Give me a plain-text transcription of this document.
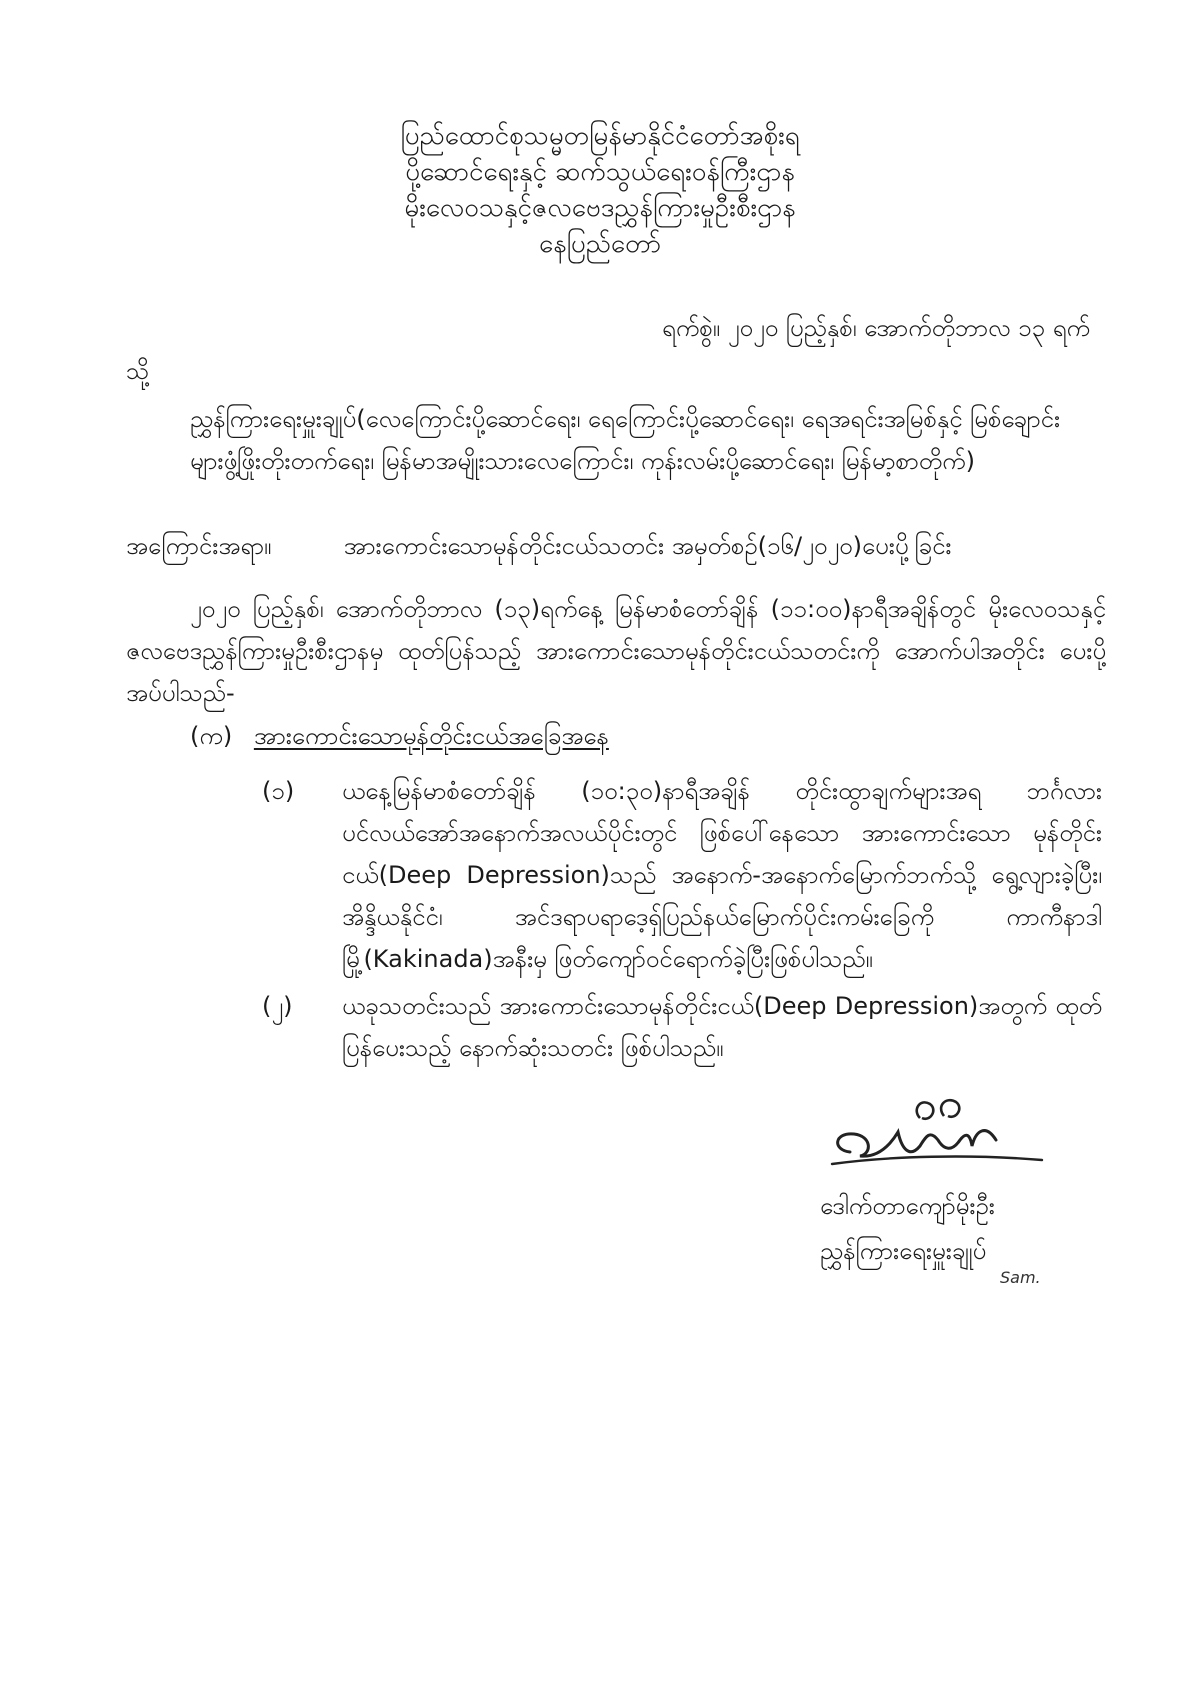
ပြည်ထောင်စုသမ္မတမြန်မာနိုင်ငံတော်အစိုးရ
ပို့ဆောင်ရေးနှင့် ဆက်သွယ်ရေးဝန်ကြီးဌာန
မိုးလေဝသနှင့်ဇလဗေဒညွှန်ကြားမှုဦးစီးဌာန
နေပြည်တော်
ရက်စွဲ။ ၂၀၂၀ ပြည့်နှစ်၊ အောက်တိုဘာလ ၁၃ ရက်
သို့
ညွှန်ကြားရေးမှူးချုပ်(လေကြောင်းပို့ဆောင်ရေး၊ ရေကြောင်းပို့ဆောင်ရေး၊ ရေအရင်းအမြစ်နှင့် မြစ်ချောင်းများဖွံ့ဖြိုးတိုးတက်ရေး၊ မြန်မာအမျိုးသားလေကြောင်း၊ ကုန်းလမ်းပို့ဆောင်ရေး၊ မြန်မာ့စာတိုက်)
အကြောင်းအရာ။	အားကောင်းသောမုန်တိုင်းငယ်သတင်း အမှတ်စဉ်(၁၆/၂၀၂၀)ပေးပို့ခြင်း
၂၀၂၀ ပြည့်နှစ်၊ အောက်တိုဘာလ (၁၃)ရက်နေ့ မြန်မာစံတော်ချိန် (၁၁:၀၀)နာရီအချိန်တွင် မိုးလေဝသနှင့် ဇလဗေဒညွှန်ကြားမှုဦးစီးဌာနမှ ထုတ်ပြန်သည့် အားကောင်းသောမုန်တိုင်းငယ်သတင်းကို အောက်ပါအတိုင်း ပေးပို့အပ်ပါသည်-
(က) အားကောင်းသောမုန်တိုင်းငယ်အခြေအနေ
(၁)	ယနေ့မြန်မာစံတော်ချိန် (၁၀:၃၀)နာရီအချိန် တိုင်းထွာချက်များအရ ဘင်္ဂလား ပင်လယ်အော်အနောက်အလယ်ပိုင်းတွင် ဖြစ်ပေါ်နေသော အားကောင်းသော မုန်တိုင်းငယ်(Deep Depression)သည် အနောက်-အနောက်မြောက်ဘက်သို့ ရွေ့လျားခဲ့ပြီး၊ အိန္ဒိယနိုင်ငံ၊ အင်ဒရာပရာဒေ့ရှ်ပြည်နယ်မြောက်ပိုင်းကမ်းခြေကို ကာကီနာဒါမြို့(Kakinada)အနီးမှ ဖြတ်ကျော်ဝင်ရောက်ခဲ့ပြီးဖြစ်ပါသည်။
(၂)	ယခုသတင်းသည် အားကောင်းသောမုန်တိုင်းငယ်(Deep Depression)အတွက် ထုတ်ပြန်ပေးသည့် နောက်ဆုံးသတင်း ဖြစ်ပါသည်။
ဒေါက်တာကျော်မိုးဦး
ညွှန်ကြားရေးမှူးချုပ်
Sam.
